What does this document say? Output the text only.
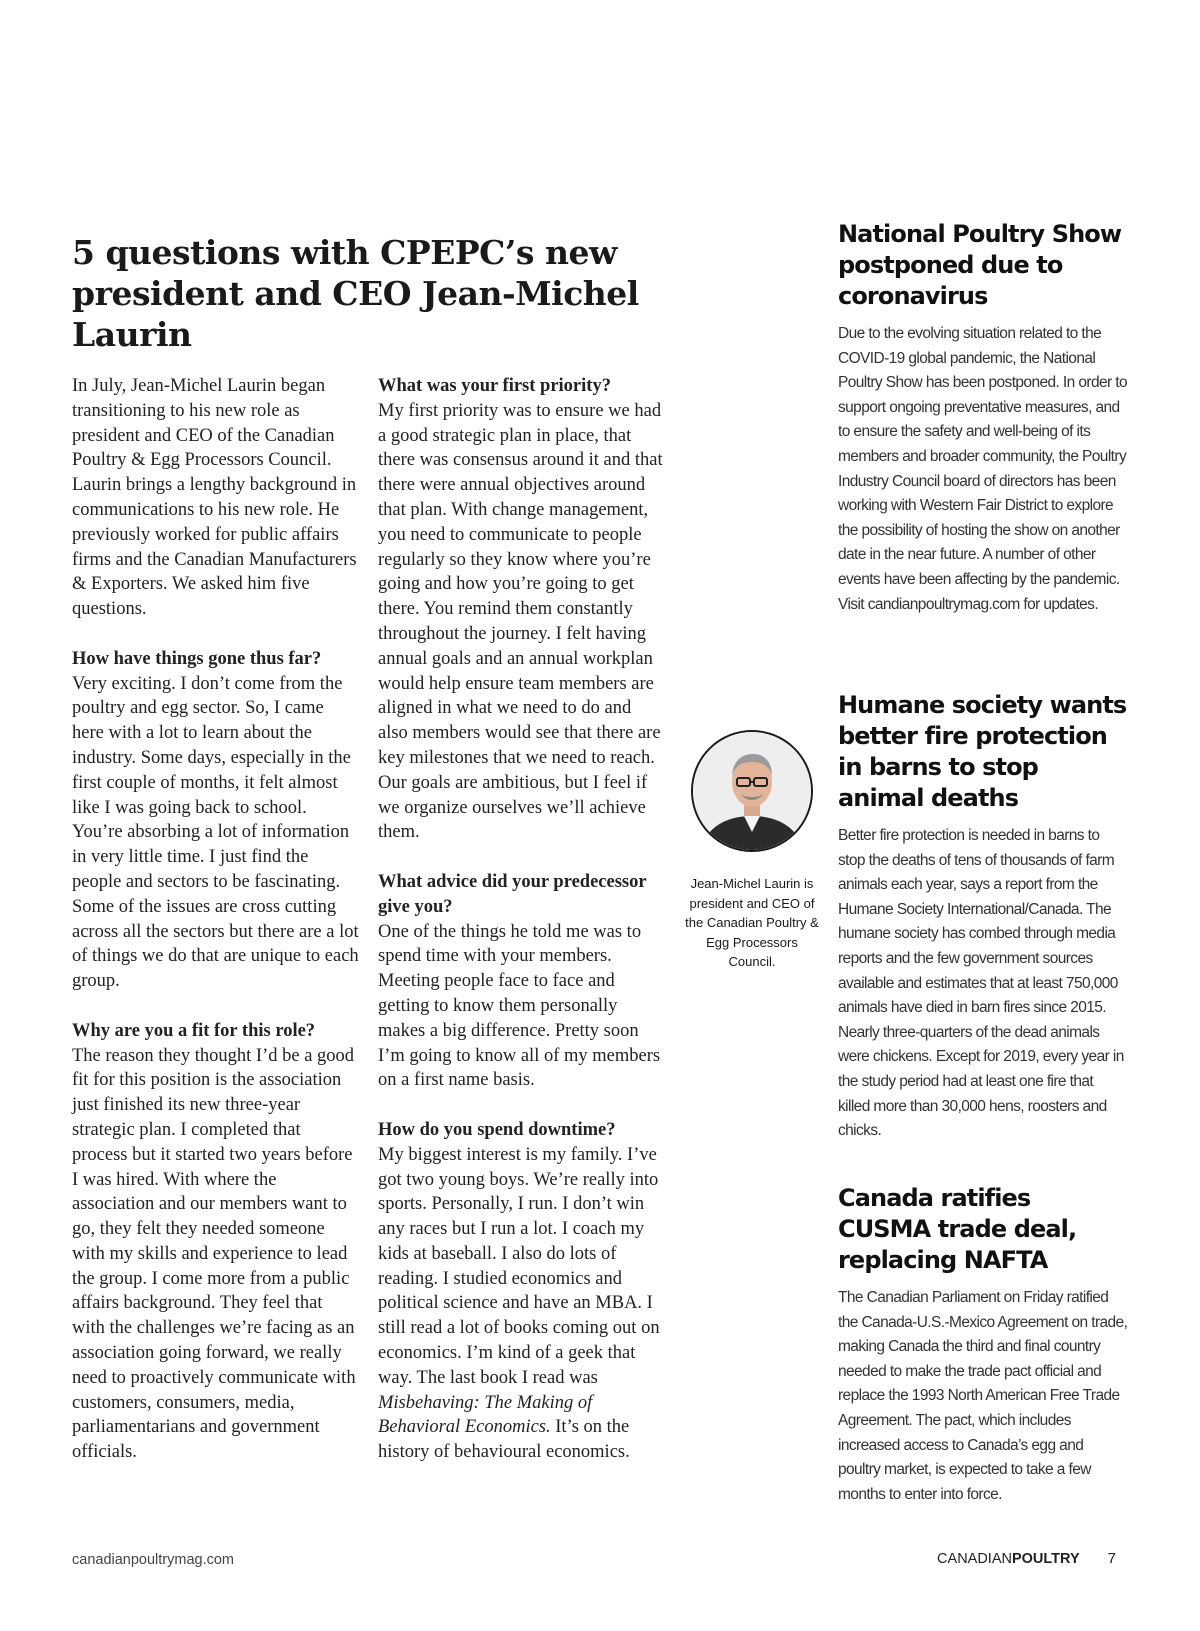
5 questions with CPEPC’s new president and CEO Jean-Michel Laurin

In July, Jean-Michel Laurin began transitioning to his new role as president and CEO of the Canadian Poultry & Egg Processors Council. Laurin brings a lengthy background in communications to his new role. He previously worked for public affairs firms and the Canadian Manufacturers & Exporters. We asked him five questions.

How have things gone thus far?
Very exciting. I don’t come from the poultry and egg sector. So, I came here with a lot to learn about the industry. Some days, especially in the first couple of months, it felt almost like I was going back to school. You’re absorbing a lot of information in very little time. I just find the people and sectors to be fascinating. Some of the issues are cross cutting across all the sectors but there are a lot of things we do that are unique to each group.

Why are you a fit for this role?
The reason they thought I’d be a good fit for this position is the association just finished its new three-year strategic plan. I completed that process but it started two years before I was hired. With where the association and our members want to go, they felt they needed someone with my skills and experience to lead the group. I come more from a public affairs background. They feel that with the challenges we’re facing as an association going forward, we really need to proactively communicate with customers, consumers, media, parliamentarians and government officials.

What was your first priority?
My first priority was to ensure we had a good strategic plan in place, that there was consensus around it and that there were annual objectives around that plan. With change management, you need to communicate to people regularly so they know where you’re going and how you’re going to get there. You remind them constantly throughout the journey. I felt having annual goals and an annual workplan would help ensure team members are aligned in what we need to do and also members would see that there are key milestones that we need to reach. Our goals are ambitious, but I feel if we organize ourselves we’ll achieve them.

What advice did your predecessor give you?
One of the things he told me was to spend time with your members. Meeting people face to face and getting to know them personally makes a big difference. Pretty soon I’m going to know all of my members on a first name basis.

How do you spend downtime?
My biggest interest is my family. I’ve got two young boys. We’re really into sports. Personally, I run. I don’t win any races but I run a lot. I coach my kids at baseball. I also do lots of reading. I studied economics and political science and have an MBA. I still read a lot of books coming out on economics. I’m kind of a geek that way. The last book I read was Misbehaving: The Making of Behavioral Economics. It’s on the history of behavioural economics.

Jean-Michel Laurin is president and CEO of the Canadian Poultry & Egg Processors Council.
National Poultry Show postponed due to coronavirus

Due to the evolving situation related to the COVID-19 global pandemic, the National Poultry Show has been postponed. In order to support ongoing preventative measures, and to ensure the safety and well-being of its members and broader community, the Poultry Industry Council board of directors has been working with Western Fair District to explore the possibility of hosting the show on another date in the near future. A number of other events have been affecting by the pandemic. Visit candianpoultrymag.com for updates.

Humane society wants better fire protection in barns to stop animal deaths

Better fire protection is needed in barns to stop the deaths of tens of thousands of farm animals each year, says a report from the Humane Society International/Canada. The humane society has combed through media reports and the few government sources available and estimates that at least 750,000 animals have died in barn fires since 2015. Nearly three-quarters of the dead animals were chickens. Except for 2019, every year in the study period had at least one fire that killed more than 30,000 hens, roosters and chicks.

Canada ratifies CUSMA trade deal, replacing NAFTA

The Canadian Parliament on Friday ratified the Canada-U.S.-Mexico Agreement on trade, making Canada the third and final country needed to make the trade pact official and replace the 1993 North American Free Trade Agreement. The pact, which includes increased access to Canada’s egg and poultry market, is expected to take a few months to enter into force.

canadianpoultrymag.com	CANADIANPOULTRY 7
